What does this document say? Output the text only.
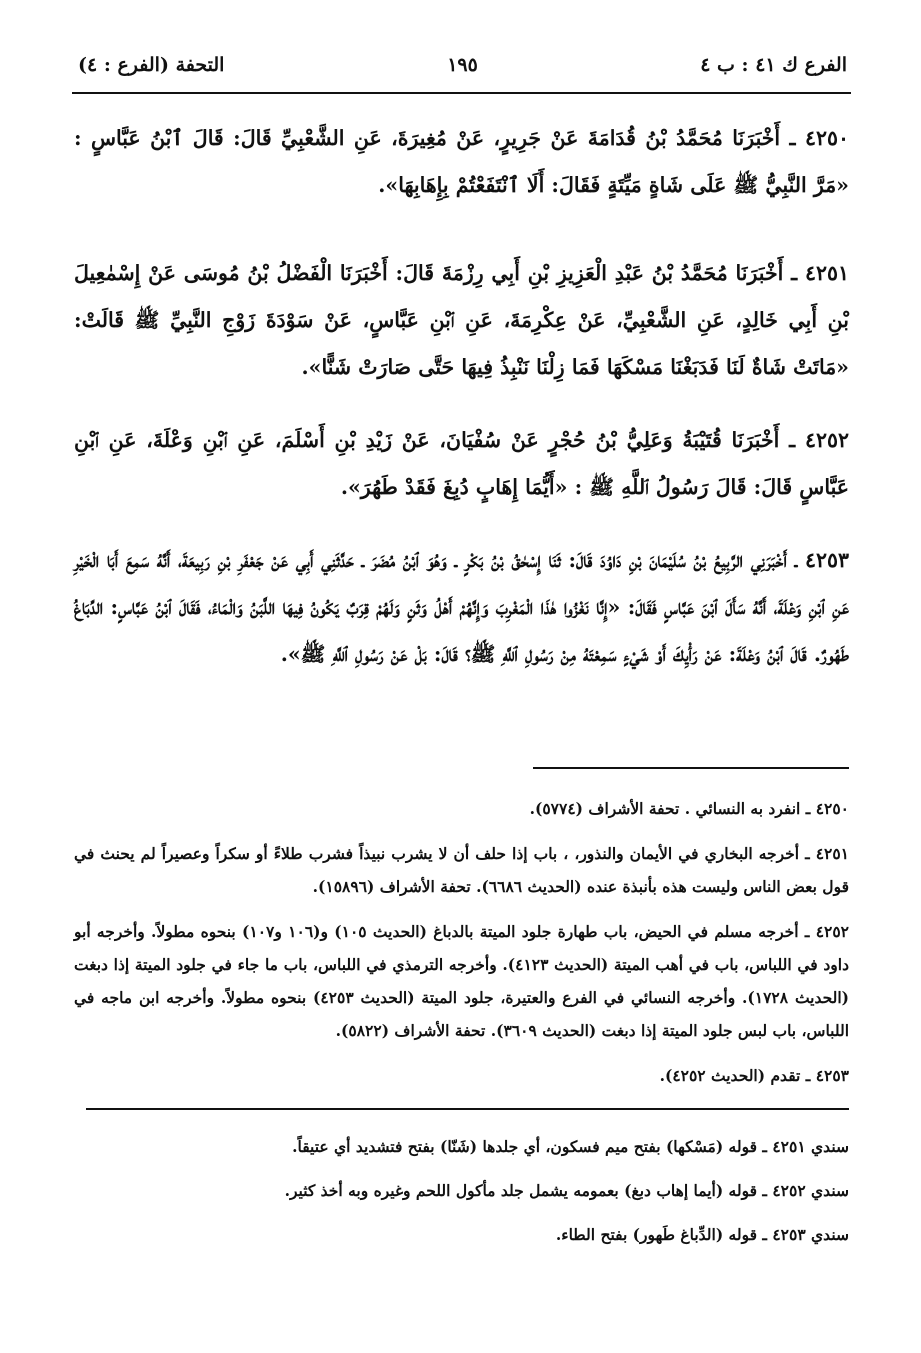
الفرع ك ٤١ : ب ٤
١٩٥
التحفة (الفرع : ٤)

٤٢٥٠ ـ أَخْبَرَنَا مُحَمَّدُ بْنُ قُدَامَةَ عَنْ جَرِيرٍ، عَنْ مُغِيرَةَ، عَنِ الشَّعْبِيِّ قَالَ: قَالَ ٱبْنُ عَبَّاسٍ : «مَرَّ النَّبِيُّ ﷺ عَلَى شَاةٍ مَيِّتَةٍ فَقَالَ: أَلَا ٱنْتَفَعْتُمْ بِإِهَابِهَا».

٤٢٥١ ـ أَخْبَرَنَا مُحَمَّدُ بْنُ عَبْدِ الْعَزِيزِ بْنِ أَبِي رِزْمَةَ قَالَ: أَخْبَرَنَا الْفَضْلُ بْنُ مُوسَى عَنْ إِسْمٰعِيلَ بْنِ أَبِي خَالِدٍ، عَنِ الشَّعْبِيِّ، عَنْ عِكْرِمَةَ، عَنِ ٱبْنِ عَبَّاسٍ، عَنْ سَوْدَةَ زَوْجِ النَّبِيِّ ﷺ قَالَتْ: «مَاتَتْ شَاةٌ لَنَا فَدَبَغْنَا مَسْكَهَا فَمَا زِلْنَا نَنْبِذُ فِيهَا حَتَّى صَارَتْ شَنًّا».

٤٢٥٢ ـ أَخْبَرَنَا قُتَيْبَةُ وَعَلِيُّ بْنُ حُجْرٍ عَنْ سُفْيَانَ، عَنْ زَيْدِ بْنِ أَسْلَمَ، عَنِ ٱبْنِ وَعْلَةَ، عَنِ ٱبْنِ عَبَّاسٍ قَالَ: قَالَ رَسُولُ ٱللَّهِ ﷺ : «أَيُّمَا إِهَابٍ دُبِغَ فَقَدْ طَهُرَ».

٤٢٥٣ ـ أَخْبَرَنِي الرَّبِيعُ بْنُ سُلَيْمَانَ بْنِ دَاوُدَ قَالَ: ثَنَا إِسْحٰقُ بْنُ بَكْرٍ ـ وَهُوَ ٱبْنُ مُضَرَ ـ حَدَّثَنِي أَبِي عَنْ جَعْفَرِ بْنِ رَبِيعَةَ، أَنَّهُ سَمِعَ أَبَا الْخَيْرِ عَنِ ٱبْنِ وَعْلَةَ، أَنَّهُ سَأَلَ ٱبْنَ عَبَّاسٍ فَقَالَ: «إِنَّا نَغْزُوا هٰذَا الْمَغْرِبَ وَإِنَّهُمْ أَهْلُ وَثَنٍ وَلَهُمْ قِرَبٌ يَكُونُ فِيهَا اللَّبَنُ وَالْمَاءُ، فَقَالَ ٱبْنُ عَبَّاسٍ: الدِّبَاغُ طَهُورٌ. قَالَ ٱبْنُ وَعْلَةَ: عَنْ رَأْيِكَ أَوْ شَيْءٍ سَمِعْتَهُ مِنْ رَسُولِ ٱللَّهِ ﷺ؟ قَالَ: بَلْ عَنْ رَسُولِ ٱللَّهِ ﷺ».

٤٢٥٠ ـ انفرد به النسائي . تحفة الأشراف (٥٧٧٤).

٤٢٥١ ـ أخرجه البخاري في الأيمان والنذور، ، باب إذا حلف أن لا يشرب نبيذاً فشرب طلاءً أو سكراً وعصيراً لم يحنث في قول بعض الناس وليست هذه بأنبذة عنده (الحديث ٦٦٨٦). تحفة الأشراف (١٥٨٩٦).

٤٢٥٢ ـ أخرجه مسلم في الحيض، باب طهارة جلود الميتة بالدباغ (الحديث ١٠٥) و(١٠٦ و١٠٧) بنحوه مطولاً. وأخرجه أبو داود في اللباس، باب في أهب الميتة (الحديث ٤١٢٣). وأخرجه الترمذي في اللباس، باب ما جاء في جلود الميتة إذا دبغت (الحديث ١٧٢٨). وأخرجه النسائي في الفرع والعتيرة، جلود الميتة (الحديث ٤٢٥٣) بنحوه مطولاً. وأخرجه ابن ماجه في اللباس، باب لبس جلود الميتة إذا دبغت (الحديث ٣٦٠٩). تحفة الأشراف (٥٨٢٢).

٤٢٥٣ ـ تقدم (الحديث ٤٢٥٢).

سندي ٤٢٥١ ـ قوله (مَسْكها) بفتح ميم فسكون، أي جلدها (شَنّا) بفتح فتشديد أي عتيقاً.

سندي ٤٢٥٢ ـ قوله (أيما إهاب دبغ) بعمومه يشمل جلد مأكول اللحم وغيره وبه أخذ كثير.

سندي ٤٢٥٣ ـ قوله (الدِّباغ طَهور) بفتح الطاء.
